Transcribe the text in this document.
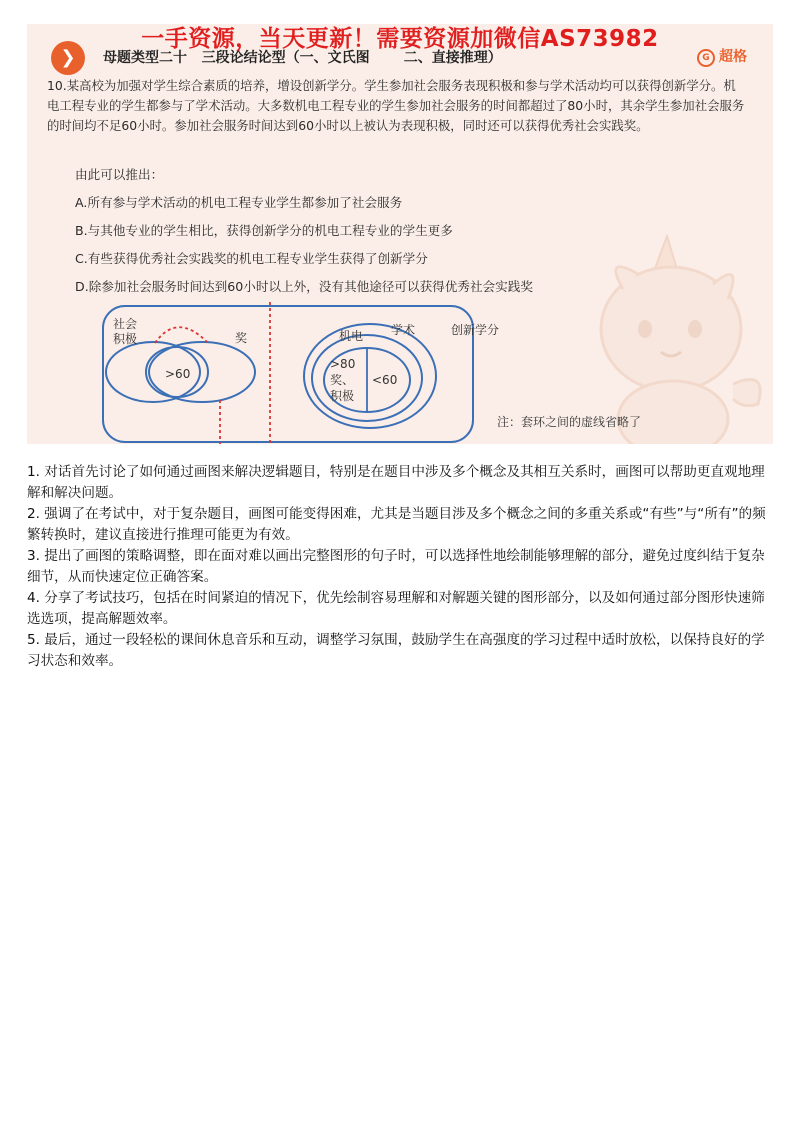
一手资源，当天更新！需要资源加微信AS73982
❯	母题类型二十   三段论结论型（一、文氏图       二、直接推理）	G 超格
10.某高校为加强对学生综合素质的培养，增设创新学分。学生参加社会服务表现积极和参与学术活动均可以获得创新学分。机电工程专业的学生都参与了学术活动。大多数机电工程专业的学生参加社会服务的时间都超过了80小时，其余学生参加社会服务的时间均不足60小时。参加社会服务时间达到60小时以上被认为表现积极，同时还可以获得优秀社会实践奖。
由此可以推出：
A.所有参与学术活动的机电工程专业学生都参加了社会服务
B.与其他专业的学生相比，获得创新学分的机电工程专业的学生更多
C.有些获得优秀社会实践奖的机电工程专业学生获得了创新学分
D.除参加社会服务时间达到60小时以上外，没有其他途径可以获得优秀社会实践奖
社会
积极	奖
>60
机电 学术	创新学分
>80
奖、
积极
<60
注：套环之间的虚线省略了

1. 对话首先讨论了如何通过画图来解决逻辑题目，特别是在题目中涉及多个概念及其相互关系时，画图可以帮助更直观地理解和解决问题。

2. 强调了在考试中，对于复杂题目，画图可能变得困难，尤其是当题目涉及多个概念之间的多重关系或“有些”与“所有”的频繁转换时，建议直接进行推理可能更为有效。

3. 提出了画图的策略调整，即在面对难以画出完整图形的句子时，可以选择性地绘制能够理解的部分，避免过度纠结于复杂细节，从而快速定位正确答案。

4. 分享了考试技巧，包括在时间紧迫的情况下，优先绘制容易理解和对解题关键的图形部分，以及如何通过部分图形快速筛选选项，提高解题效率。

5. 最后，通过一段轻松的课间休息音乐和互动，调整学习氛围，鼓励学生在高强度的学习过程中适时放松，以保持良好的学习状态和效率。
